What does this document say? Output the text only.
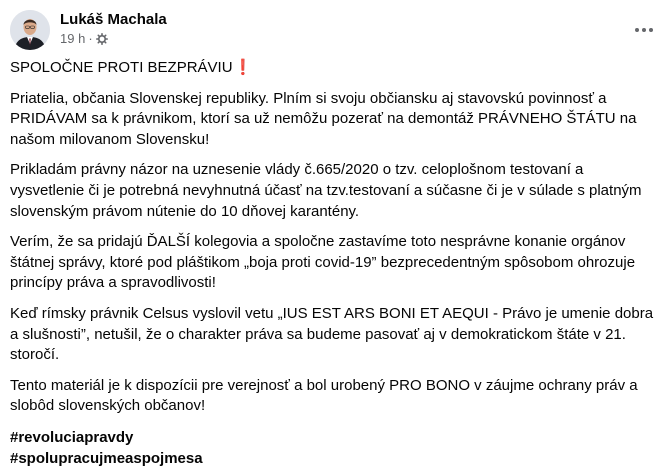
Lukáš Machala
19 h ·

SPOLOČNE PROTI BEZPRÁVIU❗

Priatelia, občania Slovenskej republiky. Plním si svoju občiansku aj stavovskú povinnosť a PRIDÁVAM sa k právnikom, ktorí sa už nemôžu pozerať na demontáž PRÁVNEHO ŠTÁTU na našom milovanom Slovensku!

Prikladám právny názor na uznesenie vlády č.665/2020 o tzv. celoplošnom testovaní a vysvetlenie či je potrebná nevyhnutná účasť na tzv.testovaní a súčasne či je v súlade s platným slovenským právom nútenie do 10 dňovej karantény.

Verím, že sa pridajú ĎALŠÍ kolegovia a spoločne zastavíme toto nesprávne konanie orgánov štátnej správy, ktoré pod pláštikom „boja proti covid-19” bezprecedentným spôsobom ohrozuje princípy práva a spravodlivosti!

Keď rímsky právnik Celsus vyslovil vetu „IUS EST ARS BONI ET AEQUI - Právo je umenie dobra a slušnosti”, netušil, že o charakter práva sa budeme pasovať aj v demokratickom štáte v 21. storočí.

Tento materiál je k dispozícii pre verejnosť a bol urobený PRO BONO v záujme ochrany práv a slobôd slovenských občanov!

#revoluciapravdy
#spolupracujmeaspojmesa
